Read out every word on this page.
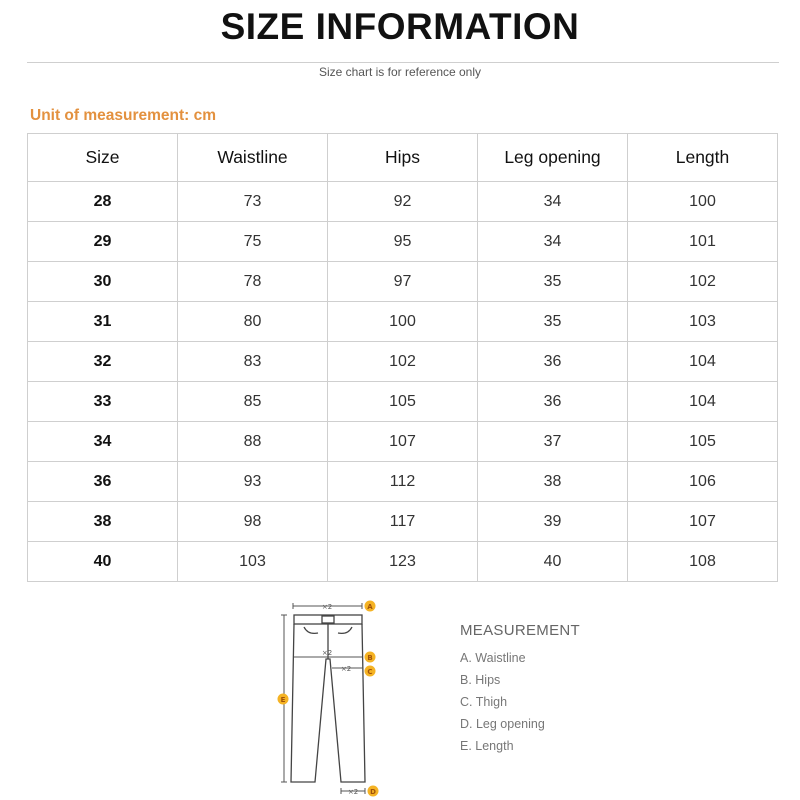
SIZE INFORMATION
Size chart is for reference only
Unit of measurement: cm
Size	Waistline	Hips	Leg opening	Length
28	73	92	34	100
29	75	95	34	101
30	78	97	35	102
31	80	100	35	103
32	83	102	36	104
33	85	105	36	104
34	88	107	37	105
36	93	112	38	106
38	98	117	39	107
40	103	123	40	108
×2
×2
×2
×2
A
B
C
D
E
MEASUREMENT
A. Waistline
B. Hips
C. Thigh
D. Leg opening
E. Length
